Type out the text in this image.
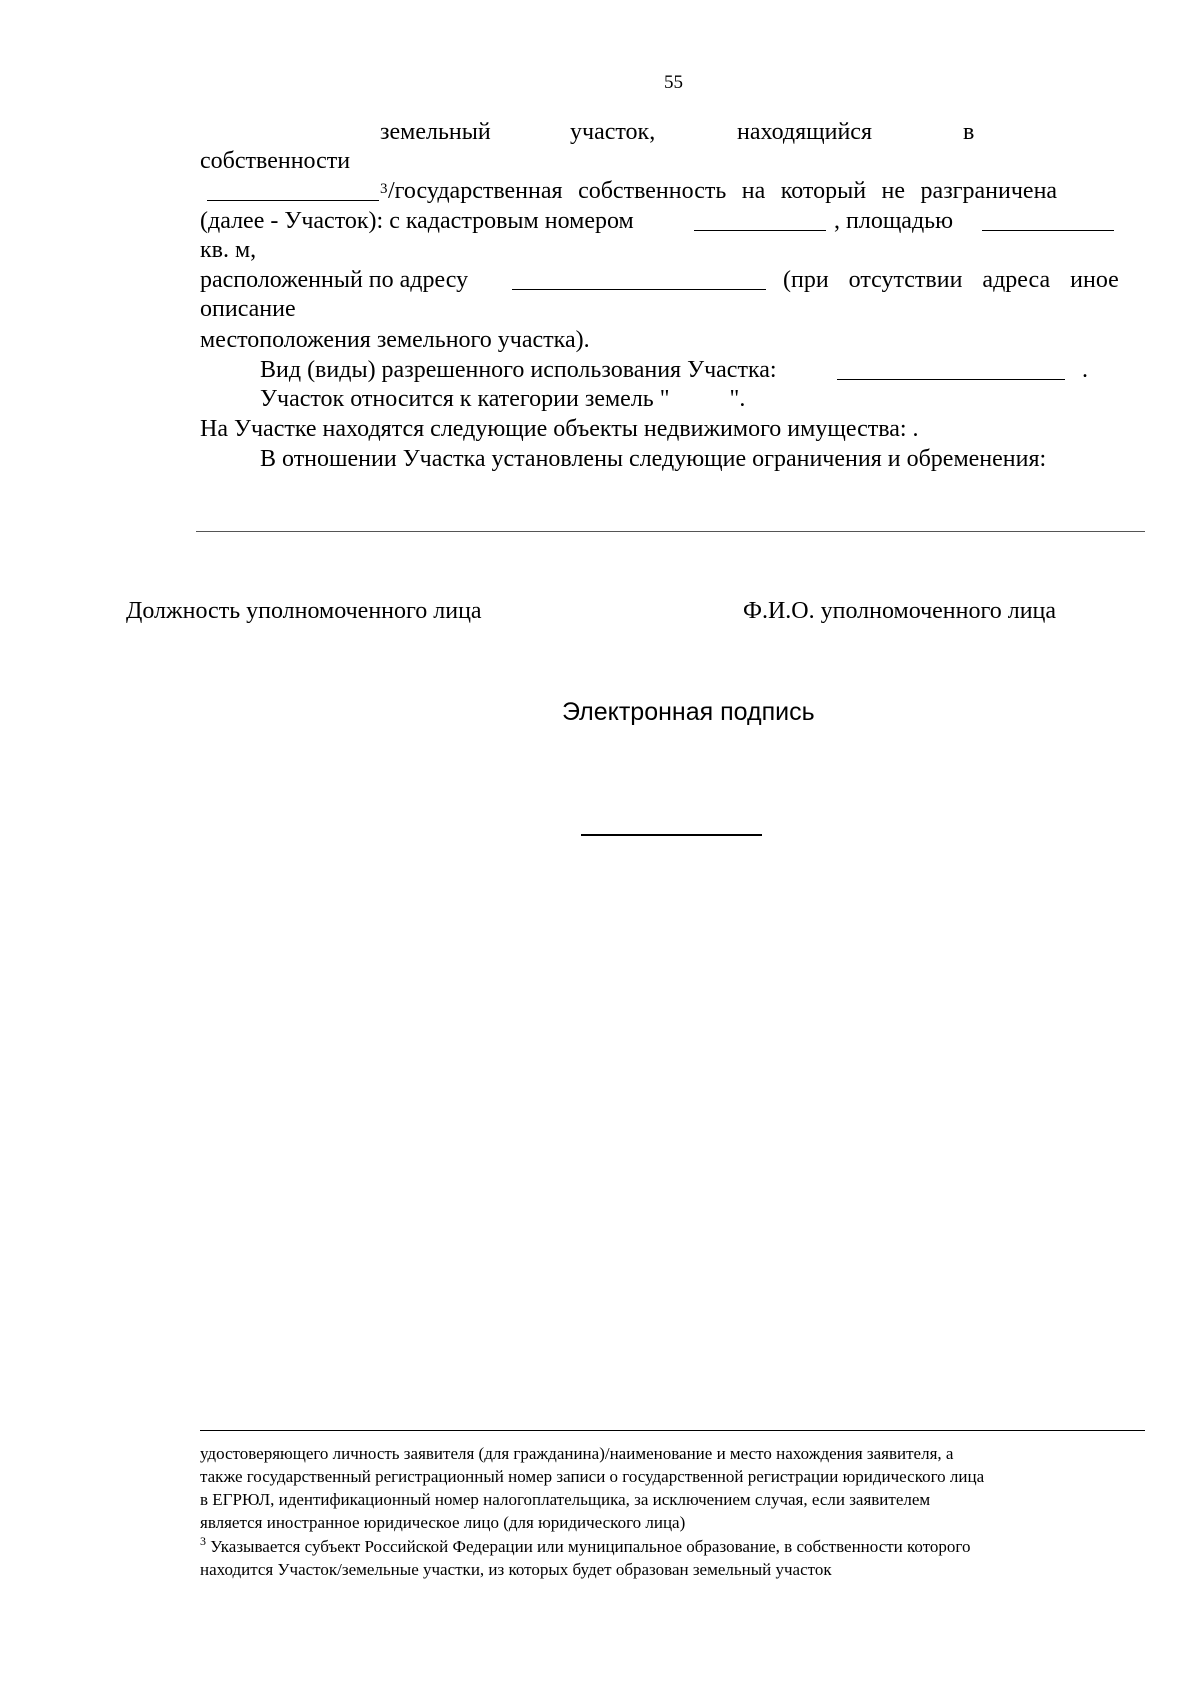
55
земельный	участок,	находящийся	в
собственности
3 /государственная собственность на который не разграничена
(далее - Участок): с кадастровым номером	, площадью
кв. м,
расположенный по адресу	(при отсутствии адреса иное
описание
местоположения земельного участка).
Вид (виды) разрешенного использования Участка:	.
Участок относится к категории земель "          ".
На Участке находятся следующие объекты недвижимого имущества: .
В отношении Участка установлены следующие ограничения и обременения:
Должность уполномоченного лица	Ф.И.О. уполномоченного лица
Электронная подпись
удостоверяющего личность заявителя (для гражданина)/наименование и место нахождения заявителя, а
также государственный регистрационный номер записи о государственной регистрации юридического лица
в ЕГРЮЛ, идентификационный номер налогоплательщика, за исключением случая, если заявителем
является иностранное юридическое лицо (для юридического лица)
$^3$ Указывается субъект Российской Федерации или муниципальное образование, в собственности которого
находится Участок/земельные участки, из которых будет образован земельный участок
